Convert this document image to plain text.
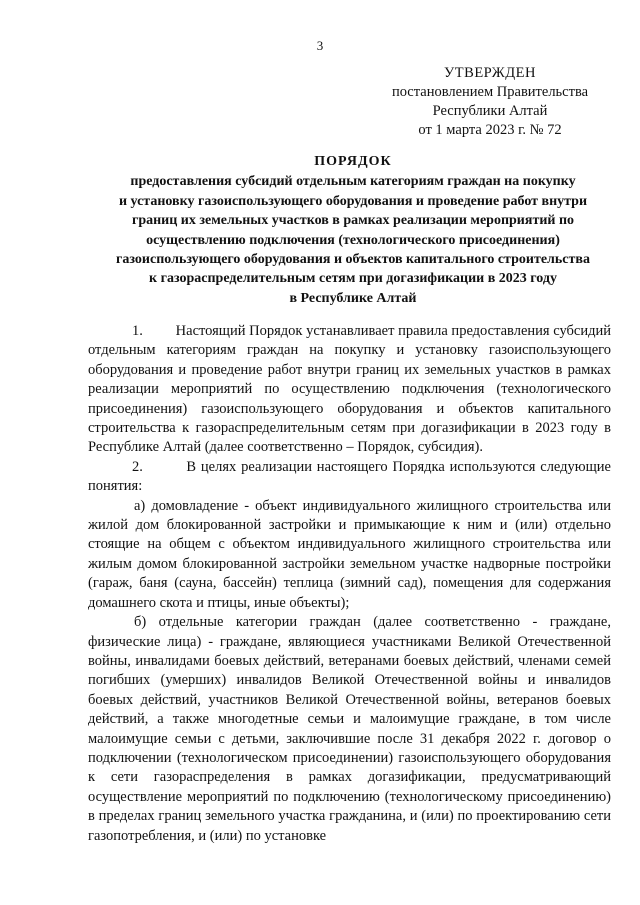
3
УТВЕРЖДЕН
постановлением Правительства
Республики Алтай
от 1 марта 2023 г. № 72
ПОРЯДОК
предоставления субсидий отдельным категориям граждан на покупку
и установку газоиспользующего оборудования и проведение работ внутри
границ их земельных участков в рамках реализации мероприятий по
осуществлению подключения (технологического присоединения)
газоиспользующего оборудования и объектов капитального строительства
к газораспределительным сетям при догазификации в 2023 году
в Республике Алтай

1.         Настоящий Порядок устанавливает правила предоставления субсидий отдельным категориям граждан на покупку и установку газоиспользующего оборудования и проведение работ внутри границ их земельных участков в рамках реализации мероприятий по осуществлению подключения (технологического присоединения) газоиспользующего оборудования и объектов капитального строительства к газораспределительным сетям при догазификации в 2023 году в Республике Алтай (далее соответственно – Порядок, субсидия).

2.         В целях реализации настоящего Порядка используются следующие понятия:

а) домовладение - объект индивидуального жилищного строительства или жилой дом блокированной застройки и примыкающие к ним и (или) отдельно стоящие на общем с объектом индивидуального жилищного строительства или жилым домом блокированной застройки земельном участке надворные постройки (гараж, баня (сауна, бассейн) теплица (зимний сад), помещения для содержания домашнего скота и птицы, иные объекты);

б) отдельные категории граждан (далее соответственно - граждане, физические лица) - граждане, являющиеся участниками Великой Отечественной войны, инвалидами боевых действий, ветеранами боевых действий, членами семей погибших (умерших) инвалидов Великой Отечественной войны и инвалидов боевых действий, участников Великой Отечественной войны, ветеранов боевых действий, а также многодетные семьи и малоимущие граждане, в том числе малоимущие семьи с детьми, заключившие после 31 декабря 2022 г. договор о подключении (технологическом присоединении) газоиспользующего оборудования к сети газораспределения в рамках догазификации, предусматривающий осуществление мероприятий по подключению (технологическому присоединению) в пределах границ земельного участка гражданина, и (или) по проектированию сети газопотребления, и (или) по установке
